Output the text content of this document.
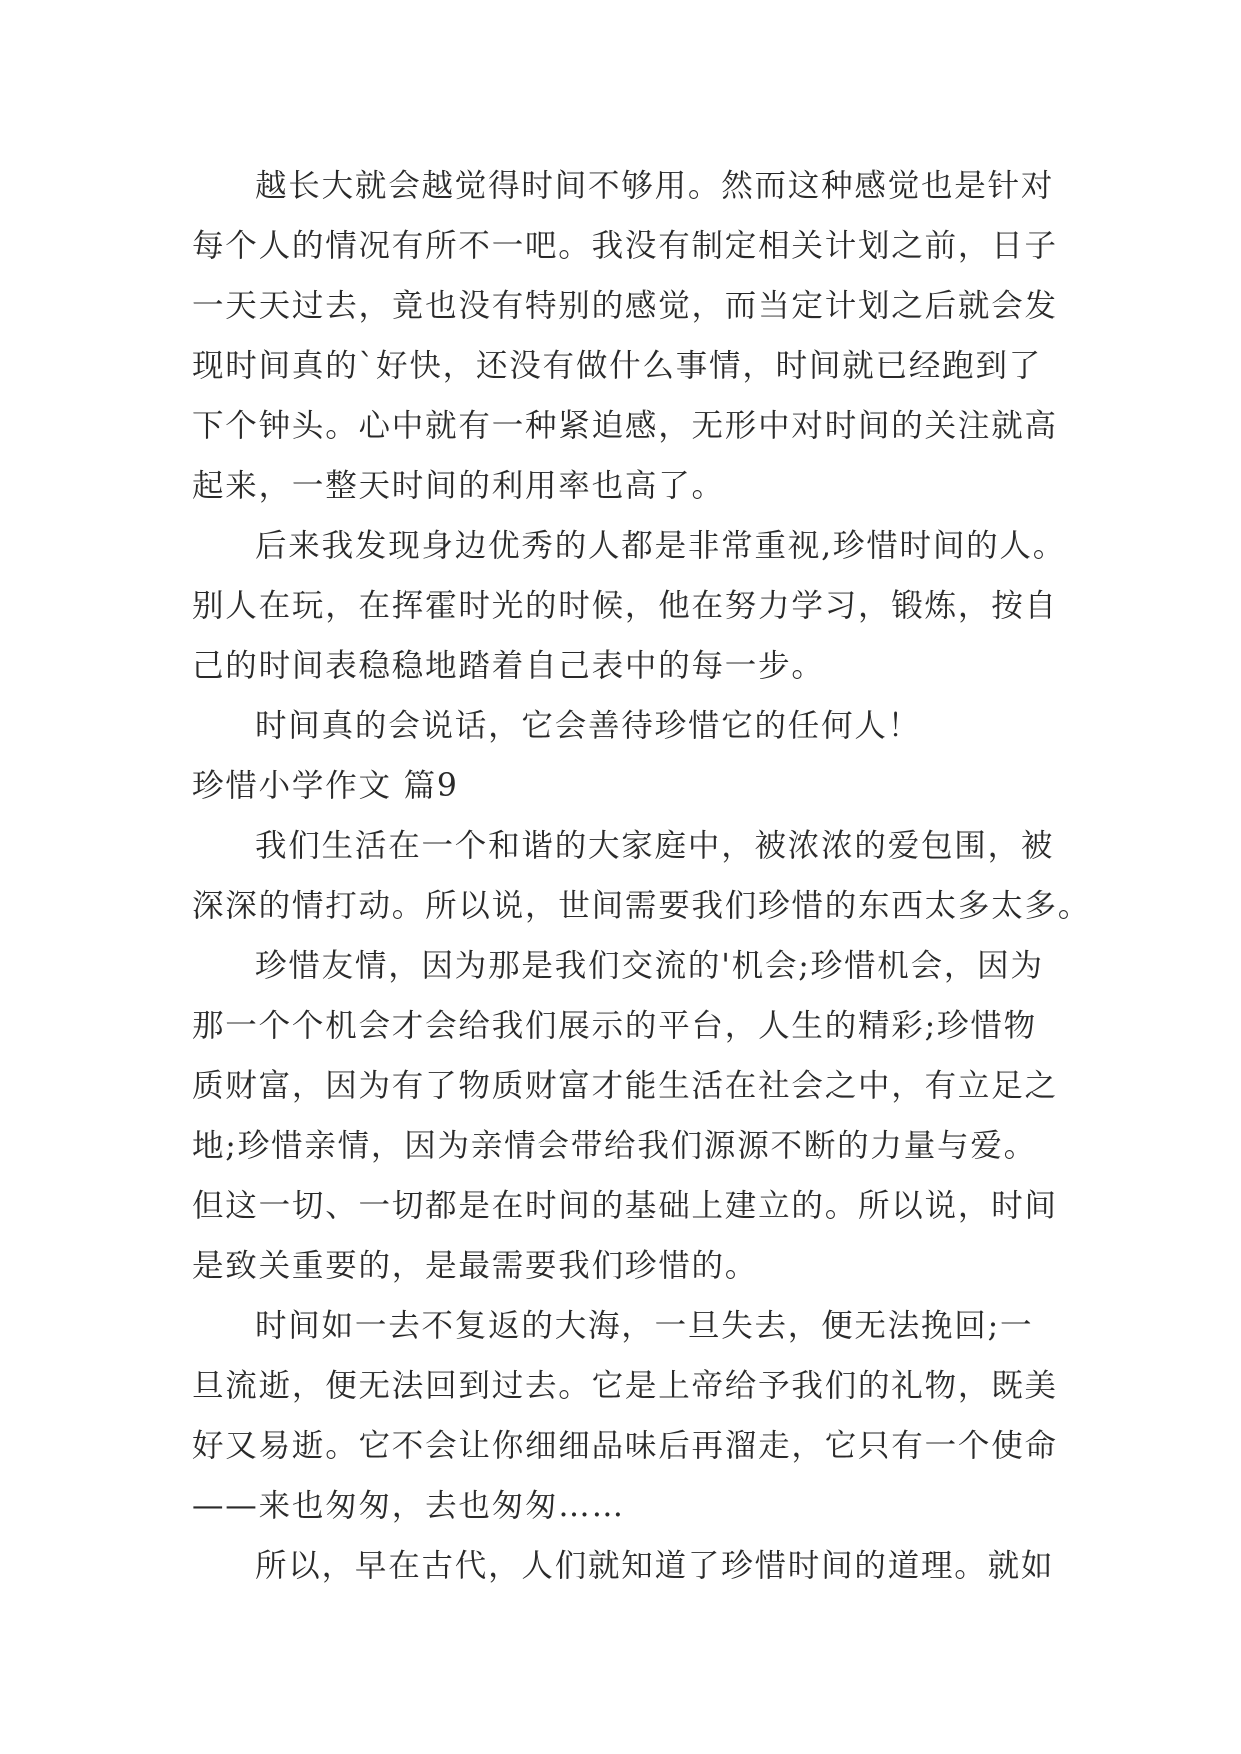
越长大就会越觉得时间不够用。然而这种感觉也是针对
每个人的情况有所不一吧。我没有制定相关计划之前，日子
一天天过去，竟也没有特别的感觉，而当定计划之后就会发
现时间真的`好快，还没有做什么事情，时间就已经跑到了
下个钟头。心中就有一种紧迫感，无形中对时间的关注就高
起来，一整天时间的利用率也高了。

后来我发现身边优秀的人都是非常重视,珍惜时间的人。
别人在玩，在挥霍时光的时候，他在努力学习，锻炼，按自
己的时间表稳稳地踏着自己表中的每一步。

时间真的会说话，它会善待珍惜它的任何人！

珍惜小学作文 篇9

我们生活在一个和谐的大家庭中，被浓浓的爱包围，被
深深的情打动。所以说，世间需要我们珍惜的东西太多太多。

珍惜友情，因为那是我们交流的'机会;珍惜机会，因为
那一个个机会才会给我们展示的平台，人生的精彩;珍惜物
质财富，因为有了物质财富才能生活在社会之中，有立足之
地;珍惜亲情，因为亲情会带给我们源源不断的力量与爱。
但这一切、一切都是在时间的基础上建立的。所以说，时间
是致关重要的，是最需要我们珍惜的。

时间如一去不复返的大海，一旦失去，便无法挽回;一
旦流逝，便无法回到过去。它是上帝给予我们的礼物，既美
好又易逝。它不会让你细细品味后再溜走，它只有一个使命
——来也匆匆，去也匆匆……

所以，早在古代，人们就知道了珍惜时间的道理。就如
